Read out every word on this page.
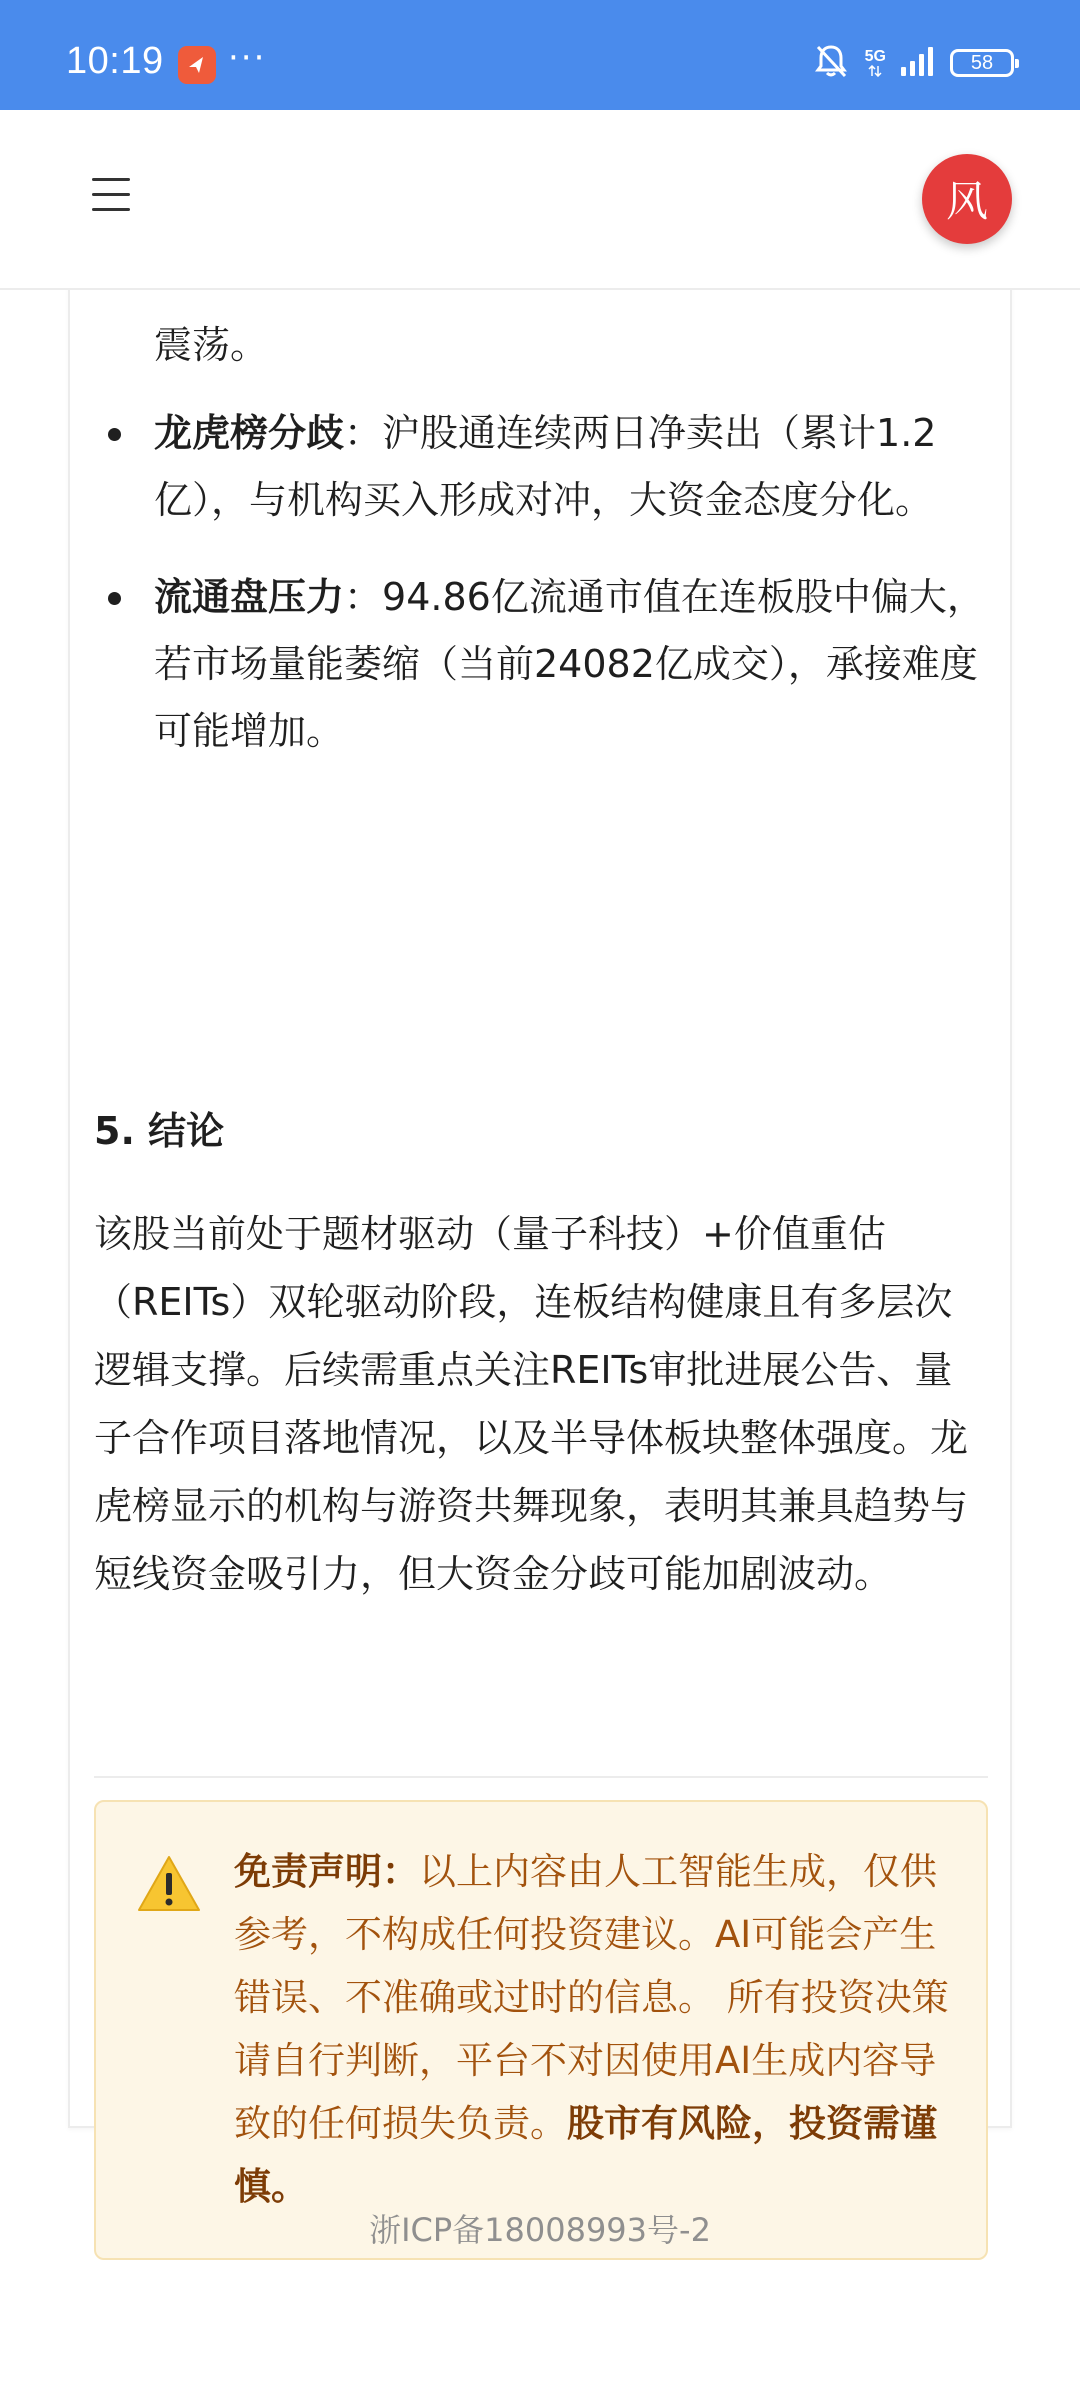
10:19 ···	5G	58
风
震荡。
龙虎榜分歧：沪股通连续两日净卖出（累计1.2亿），与机构买入形成对冲，大资金态度分化。
流通盘压力：94.86亿流通市值在连板股中偏大，若市场量能萎缩（当前24082亿成交），承接难度可能增加。
5. 结论

该股当前处于题材驱动（量子科技）+价值重估（REITs）双轮驱动阶段，连板结构健康且有多层次逻辑支撑。后续需重点关注REITs审批进展公告、量子合作项目落地情况，以及半导体板块整体强度。龙虎榜显示的机构与游资共舞现象，表明其兼具趋势与短线资金吸引力，但大资金分歧可能加剧波动。

免责声明：以上内容由人工智能生成，仅供参考，不构成任何投资建议。AI可能会产生错误、不准确或过时的信息。 所有投资决策请自行判断，平台不对因使用AI生成内容导致的任何损失负责。股市有风险，投资需谨慎。

浙ICP备18008993号-2
